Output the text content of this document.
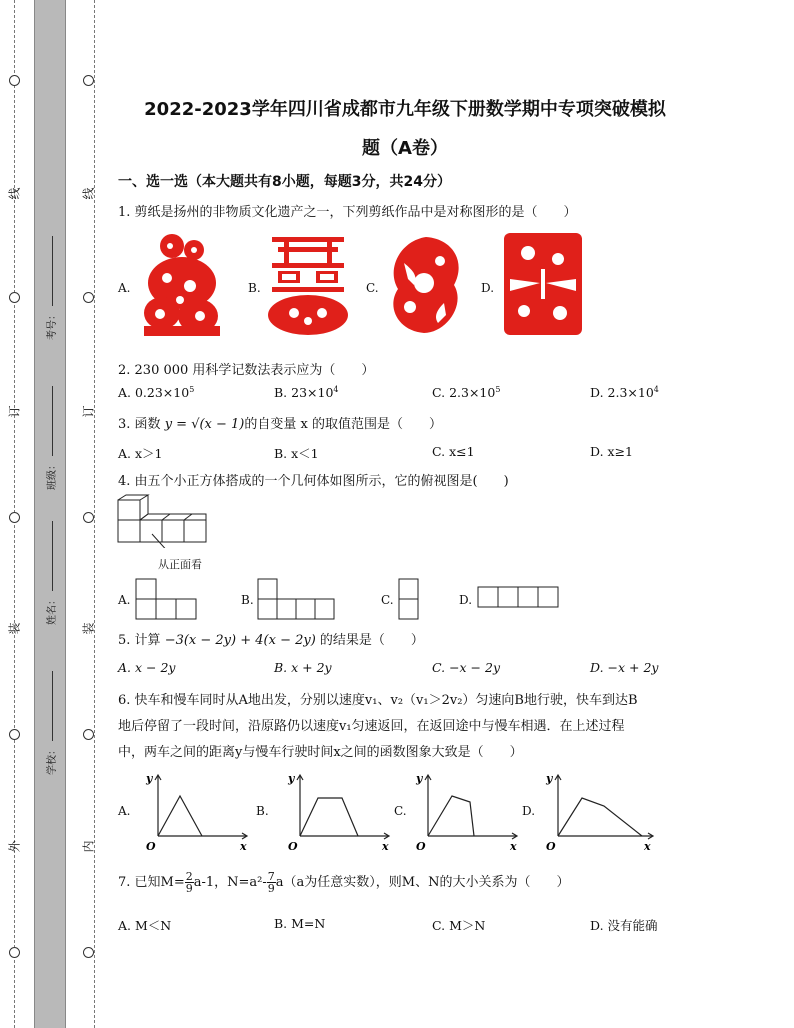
线
订
装
外
线
订
装
内
考号：
班级：
姓名：
学校：
2022-2023学年四川省成都市九年级下册数学期中专项突破模拟
题（A卷）
一、选一选（本大题共有8小题，每题3分，共24分）
1. 剪纸是扬州的非物质文化遗产之一，下列剪纸作品中是对称图形的是（　　）
A.	B.	C.	D.
2. 230 000 用科学记数法表示应为（　　）
A. $0.23\times 10^5$	B. $23\times 10^4$	C. $2.3\times 10^5$	D. $2.3\times 10^4$
3. 函数 y = √(x − 1)的自变量 x 的取值范围是（　　）
A. x＞1	B. x＜1	C. x≤1	D. x≥1
4. 由五个小正方体搭成的一个几何体如图所示，它的俯视图是(　　)
从正面看
A.	B.	C.	D.
5. 计算 −3(x − 2y) + 4(x − 2y) 的结果是（　　）
A. x − 2y	B. x + 2y	C. −x − 2y	D. −x + 2y
6. 快车和慢车同时从A地出发，分别以速度v₁、v₂（v₁＞2v₂）匀速向B地行驶，快车到达B
地后停留了一段时间，沿原路仍以速度v₁匀速返回，在返回途中与慢车相遇．在上述过程
中，两车之间的距离y与慢车行驶时间x之间的函数图象大致是（　　）
A.	B.	C.	D.
y
O	x
y
O	x
y
O	x
y
O	x
7. 已知$M= \frac{2}{9} a-1$，$N=a^2- \frac{7}{9} a(a$为任意实数），则M、N的大小关系为（　　）
A. M＜N	B. M=N	C. M＞N	D. 没有能确
